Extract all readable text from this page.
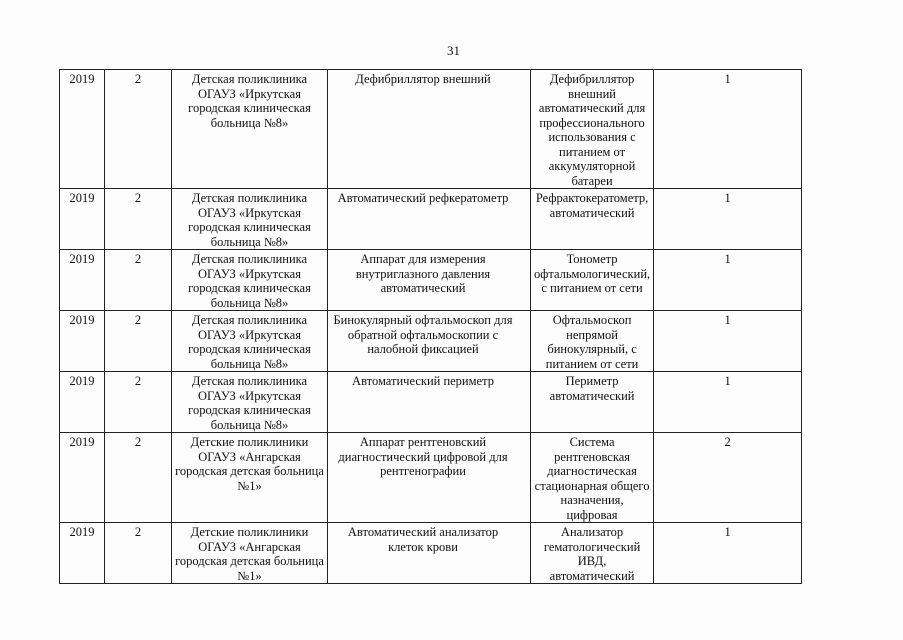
31
2019	2	Детская поликлиника ОГАУЗ «Иркутская городская клиническая больница №8»	Дефибриллятор внешний	Дефибриллятор внешний автоматический для профессионального использования с питанием от аккумуляторной батареи	1
2019	2	Детская поликлиника ОГАУЗ «Иркутская городская клиническая больница №8»	Автоматический рефкератометр	Рефрактокератометр, автоматический	1
2019	2	Детская поликлиника ОГАУЗ «Иркутская городская клиническая больница №8»	Аппарат для измерения внутриглазного давления автоматический	Тонометр офтальмологический, с питанием от сети	1
2019	2	Детская поликлиника ОГАУЗ «Иркутская городская клиническая больница №8»	Бинокулярный офтальмоскоп для обратной офтальмоскопии с налобной фиксацией	Офтальмоскоп непрямой бинокулярный, с питанием от сети	1
2019	2	Детская поликлиника ОГАУЗ «Иркутская городская клиническая больница №8»	Автоматический периметр	Периметр автоматический	1
2019	2	Детские поликлиники ОГАУЗ «Ангарская городская детская больница №1»	Аппарат рентгеновский диагностический цифровой для рентгенографии	Система рентгеновская диагностическая стационарная общего назначения, цифровая	2
2019	2	Детские поликлиники ОГАУЗ «Ангарская городская детская больница №1»	Автоматический анализатор клеток крови	Анализатор гематологический ИВД, автоматический	1
